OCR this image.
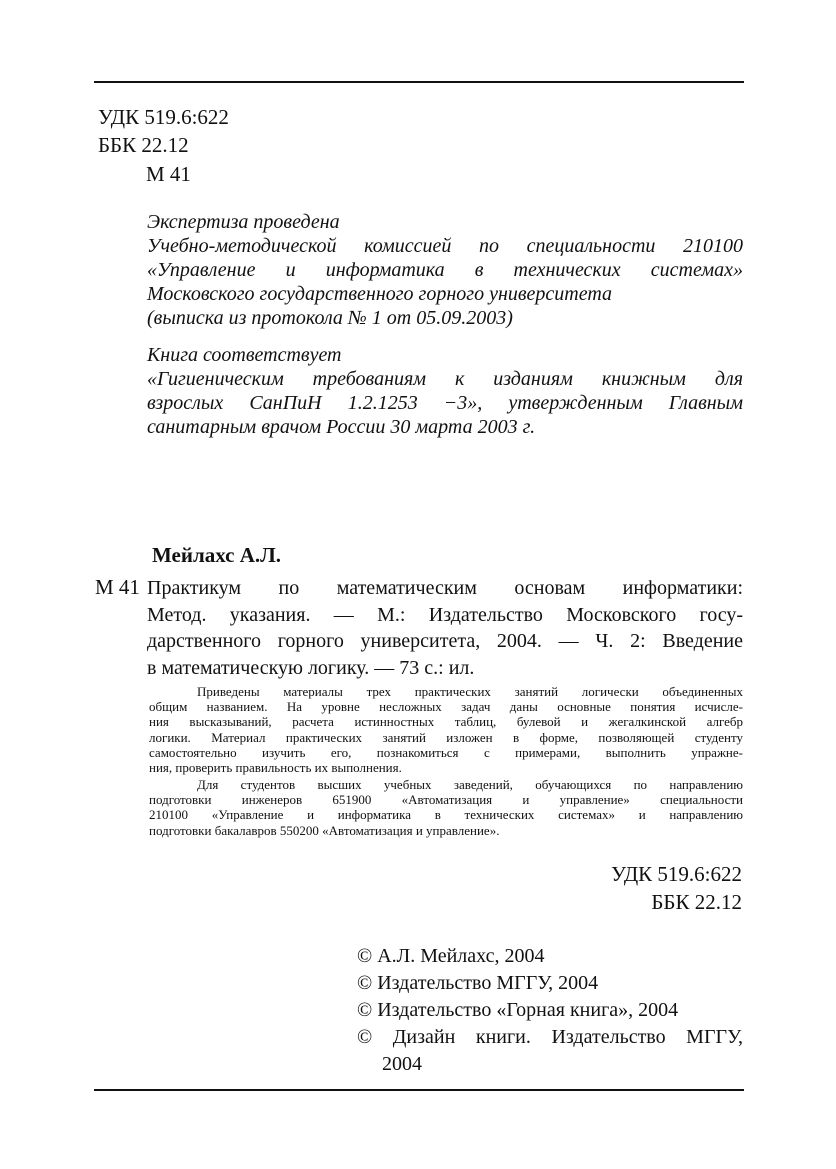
УДК 519.6:622
ББК 22.12
М 41
Экспертиза проведена
Учебно-методической комиссией по специальности 210100
«Управление и информатика в технических системах»
Московского государственного горного университета
(выписка из протокола № 1 от 05.09.2003)
Книга соответствует
«Гигиеническим требованиям к изданиям книжным для
взрослых СанПиН 1.2.1253 −3», утвержденным Главным
санитарным врачом России 30 марта 2003 г.
Мейлахс А.Л.
М 41 Практикум по математическим основам информатики:
Метод. указания. — М.: Издательство Московского госу-
дарственного горного университета, 2004. — Ч. 2: Введение
в математическую логику. — 73 с.: ил.
Приведены материалы трех практических занятий логически объединенных
общим названием. На уровне несложных задач даны основные понятия исчисле-
ния высказываний, расчета истинностных таблиц, булевой и жегалкинской алгебр
логики. Материал практических занятий изложен в форме, позволяющей студенту
самостоятельно изучить его, познакомиться с примерами, выполнить упражне-
ния, проверить правильность их выполнения.
Для студентов высших учебных заведений, обучающихся по направлению
подготовки инженеров 651900 «Автоматизация и управление» специальности
210100 «Управление и информатика в технических системах» и направлению
подготовки бакалавров 550200 «Автоматизация и управление».
УДК 519.6:622
ББК 22.12
© А.Л. Мейлахс, 2004
© Издательство МГГУ, 2004
© Издательство «Горная книга», 2004
© Дизайн книги. Издательство МГГУ,
2004
